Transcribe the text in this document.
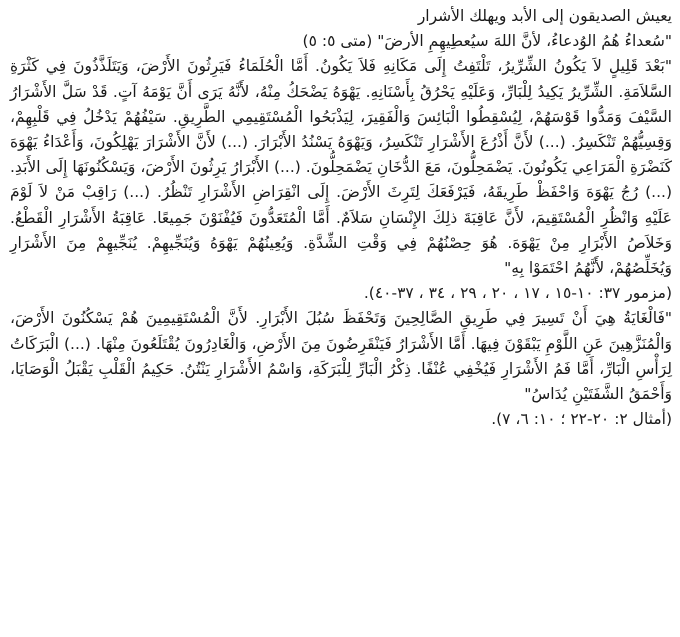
يعيش الصديقون إلى الأبد ويهلك الأشرار

"سُعداءُ هُمُ الوُدعاءُ، لأنَّ اللهَ سيُعطِيهِمِ الأرضَ" (متى ٥: ٥)

"بَعْدَ قَلِيلٍ لاَ يَكُونُ الشِّرِّيرُ، تَلْتَفِتُ إِلَى مَكَانِهِ فَلاَ يَكُونُ. أَمَّا الْحُلَمَاءُ فَيَرِثُونَ الأَرْضَ، وَيَتَلَذَّذُونَ فِي كَثْرَةِ السَّلاَمَةِ. الشِّرِّيرُ يَكِيدُ لِلْبَارِّ، وَعَلَيْهِ يَحْرُقُ بِأَسْنَانِهِ. يَهْوَهُ يَضْحَكُ مِنْهُ، لأَنَّهُ يَرَى أَنَّ يَوْمَهُ آتٍ. قَدْ سَلَّ الأَشْرَارُ السَّيْفَ وَمَدُّوا قَوْسَهُمْ، لِيُسْقِطُوا الْبَائِسَ وَالْفَقِيرَ، لِيَذْبَحُوا الْمُسْتَقِيمِي الطَّرِيقِ. سَيْفُهُمْ يَدْخُلُ فِي قَلْبِهِمْ، وَقِسِيُّهُمْ تَنْكَسِرُ. (...) لأَنَّ أَذْرُعَ الأَشْرَارِ تَنْكَسِرُ، وَيَهْوَهُ يَسْنُدُ الأَبْرَارَ. (...) لأَنَّ الأَشْرَارَ يَهْلِكُونَ، وَأَعْدَاءُ يَهْوَهَ كَنَضْرَةِ الْمَرَاعِي يَكُونُونَ. يَضْمَحِلُّونَ، مَعَ الدُّخَانِ يَضْمَحِلُّونَ. (...) الأَبْرَارُ يَرِثُونَ الأَرْضَ، وَيَسْكُنُونَهَا إِلَى الأَبَدِ. (...) رُجُ يَهْوَهَ وَاحْفَظْ طَرِيقَهُ، فَيَرْفَعَكَ لِتَرِثَ الأَرْضَ. إِلَى انْقِرَاضِ الأَشْرَارِ تَنْظُرُ. (...) رَاقِبْ مَنْ لاَ لَوْمَ عَلَيْهِ وَانْظُرِ الْمُسْتَقِيمَ، لأَنَّ عَاقِبَةَ ذلِكَ الإِنْسَانِ سَلاَمٌ. أَمَّا الْمُتَعَدُّونَ فَيُفْنَوْنَ جَمِيعًا. عَاقِبَةُ الأَشْرَارِ الْقَطْعُ. وَخَلاَصُ الأَبْرَارِ مِنْ يَهْوَهَ. هُوَ حِصْنُهُمْ فِي وَقْتِ الشِّدَّةِ. وَيُعِينُهُمْ يَهْوَهُ وَيُنَجِّيهِمْ. يُنَجِّيهِمْ مِنَ الأَشْرَارِ وَيُخَلِّصُهُمْ، لأَنَّهُمُ احْتَمَوْا بِهِ"

(مزمور ٣٧: ١٠-١٥ ، ١٧ ، ٢٠ ، ٢٩ ، ٣٤ ، ٣٧-٤٠).

"فَالْغَايَةُ هِيَ أَنْ تَسِيرَ فِي طَرِيقِ الصَّالِحِينَ وَتَحْفَظَ سُبُلَ الأَبْرَارِ. لأَنَّ الْمُسْتَقِيمِينَ هُمْ يَسْكُنُونَ الأَرْضَ، وَالْمُنَزَّهِينَ عَنِ اللَّوْمِ يَبْقَوْنَ فِيهَا. أَمَّا الأَشْرَارُ فَيَنْقَرِضُونَ مِنَ الأَرْضِ، وَالْغَادِرُونَ يُقْتَلَعُونَ مِنْهَا. (...) الْبَرَكَاتُ لِرَأْسِ الْبَارِّ، أَمَّا فَمُ الأَشْرَارِ فَيُخْفِي عُنْفًا. ذِكْرُ الْبَارِّ لِلْبَرَكَةِ، وَاسْمُ الأَشْرَارِ يَنْتُنُ. حَكِيمُ الْقَلْبِ يَقْبَلُ الْوَصَايَا، وَأَحْمَقُ الشَّفَتَيْنِ يُدَاسُ"

(أمثال ٢: ٢٠-٢٢ ؛ ١٠: ٦، ٧).
